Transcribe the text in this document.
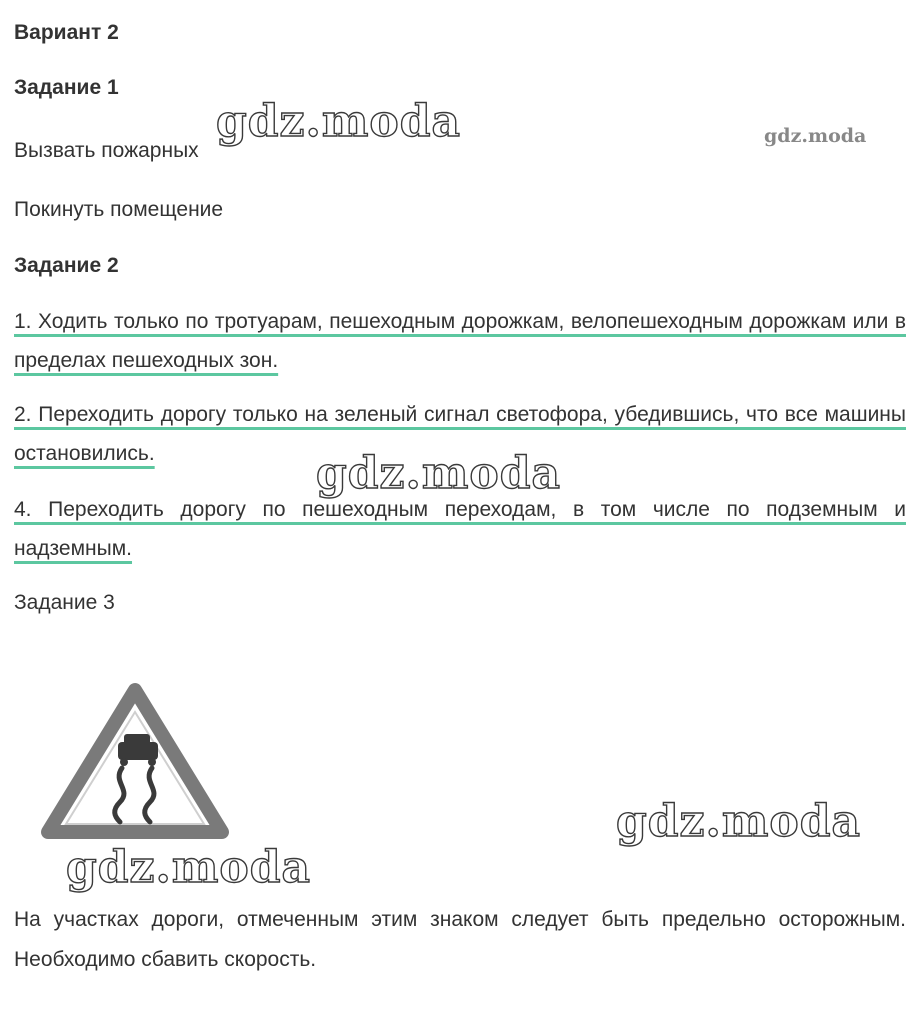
Вариант 2
Задание 1
Вызвать пожарных
Покинуть помещение
Задание 2
1. Ходить только по тротуарам, пешеходным дорожкам, велопешеходным дорожкам или в пределах пешеходных зон.
2. Переходить дорогу только на зеленый сигнал светофора, убедившись, что все машины остановились.
4. Переходить дорогу по пешеходным переходам, в том числе по подземным и надземным.
Задание 3
На участках дороги, отмеченным этим знаком следует быть предельно осторожным. Необходимо сбавить скорость.
gdz.moda	gdz.moda
gdz.moda
gdz.moda
gdz.moda
